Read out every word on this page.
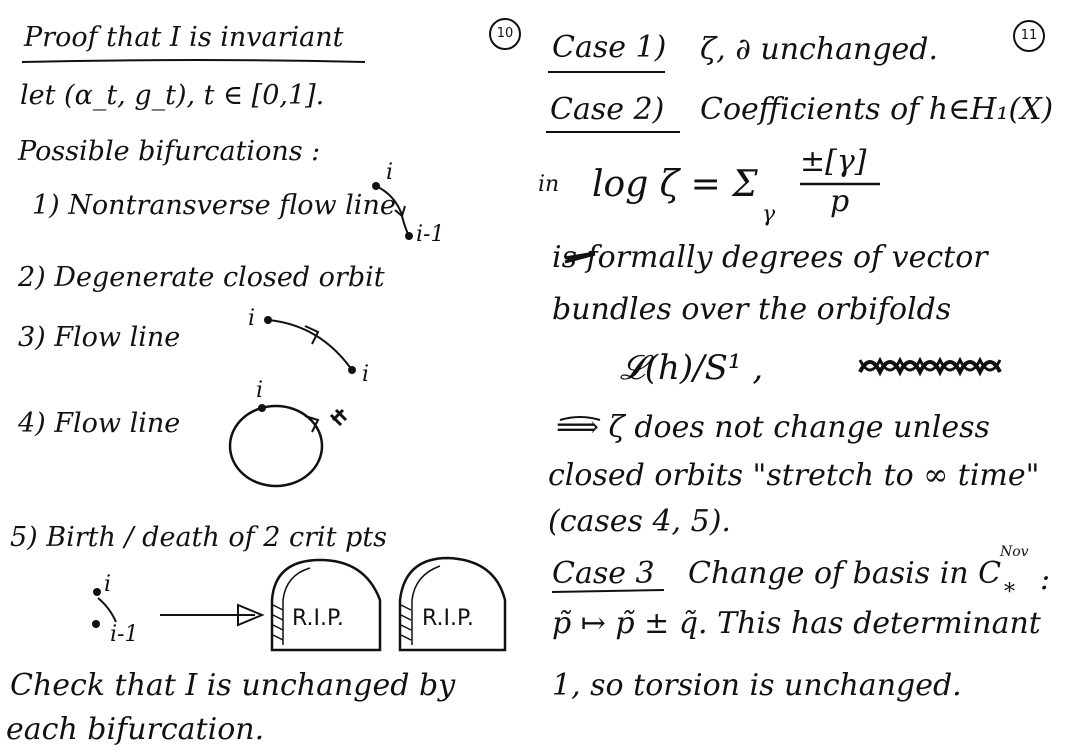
10	11
Proof that I is invariant
let (α_t, g_t), t ∈ [0,1].
Possible bifurcations :
1) Nontransverse flow line
2) Degenerate closed orbit
3) Flow line
4) Flow line
5) Birth / death of 2 crit pts
i
i-1
i
i
i
i
i-1
R.I.P.	R.I.P.
Check that I is unchanged by
each bifurcation.
Case 1) ζ, ∂ unchanged.
Case 2) Coefficients of h∈H₁(X)
in log ζ = Σ
γ
±[γ]
p
is formally degrees of vector
bundles over the orbifolds
𝓛(h)/S¹ ,
⟹ ζ does not change unless
closed orbits "stretch to ∞ time"
(cases 4, 5).
Case 3 Change of basis in C
Nov
* :
p̃ ↦ p̃ ± q̃. This has determinant
1, so torsion is unchanged.
